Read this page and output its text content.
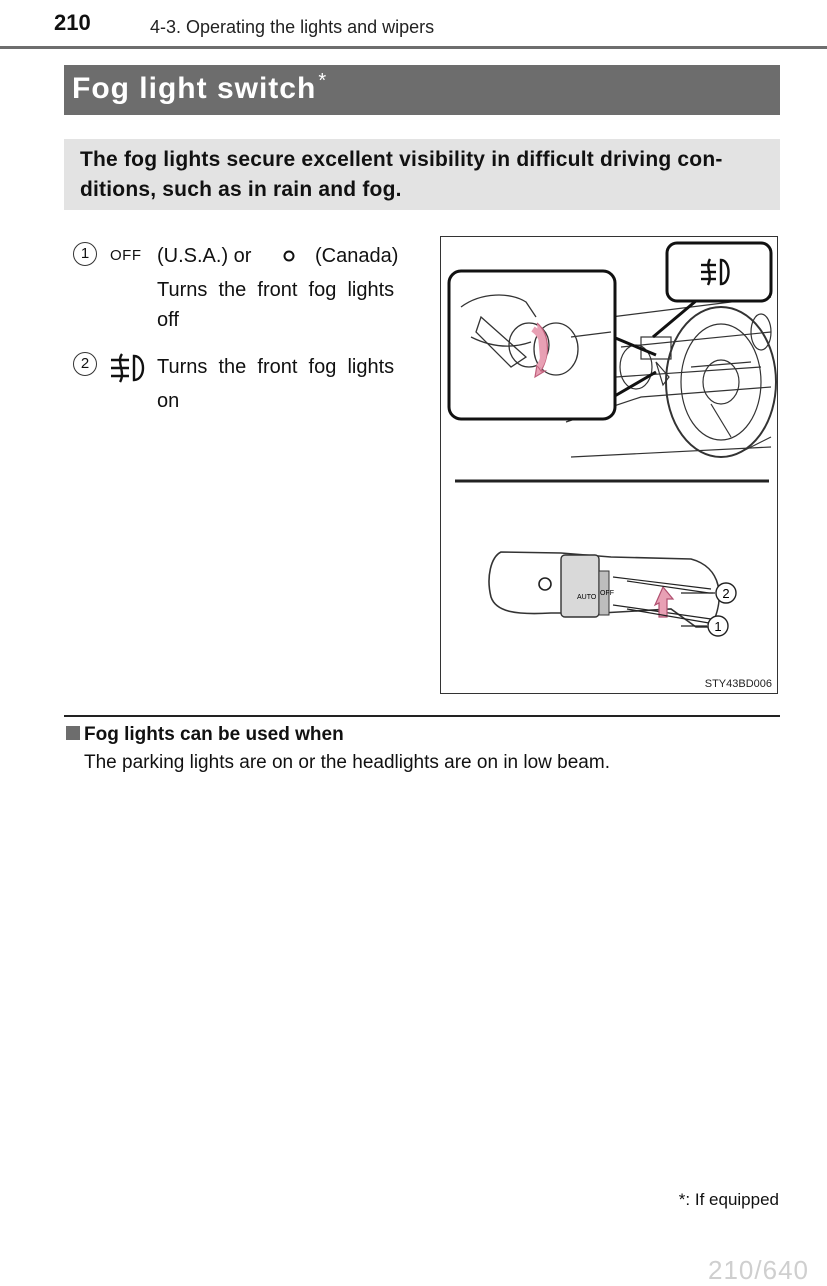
210	4-3. Operating the lights and wipers
Fog light switch *
The fog lights secure excellent visibility in difficult driving con-ditions, such as in rain and fog.
1	OFF (U.S.A.) or	(Canada)
Turns  the  front  fog  lights
off
2	Turns  the  front  fog  lights
on
AUTO
OFF	2
1
STY43BD006
Fog lights can be used when
The parking lights are on or the headlights are on in low beam.
*: If equipped
210/640
